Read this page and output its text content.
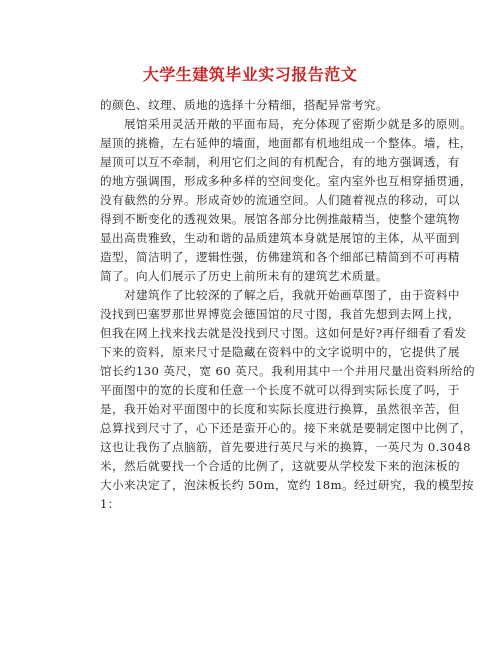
大学生建筑毕业实习报告范文
的颜色、纹理、质地的选择十分精细，搭配异常考究。
　　展馆采用灵活开敞的平面布局，充分体现了密斯少就是多的原则。
屋顶的挑檐，左右延伸的墙面，地面都有机地组成一个整体。墙，柱，
屋顶可以互不牵制，利用它们之间的有机配合，有的地方强调透，有
的地方强调围，形成多种多样的空间变化。室内室外也互相穿插贯通，
没有截然的分界。形成奇妙的流通空间。人们随着视点的移动，可以
得到不断变化的透视效果。展馆各部分比例推敲精当，使整个建筑物
显出高贵雅致，生动和谐的品质建筑本身就是展馆的主体，从平面到
造型，简洁明了，逻辑性强，仿佛建筑和各个细部已精简到不可再精
简了。向人们展示了历史上前所未有的建筑艺术质量。
　　对建筑作了比较深的了解之后，我就开始画草图了，由于资料中
没找到巴塞罗那世界博览会德国馆的尺寸图，我首先想到去网上找，
但我在网上找来找去就是没找到尺寸图。这如何是好?再仔细看了看发
下来的资料，原来尺寸是隐藏在资料中的文字说明中的，它提供了展
馆长约130 英尺，宽 60 英尺。我利用其中一个并用尺量出资料所给的
平面图中的宽的长度和任意一个长度不就可以得到实际长度了吗，于
是，我开始对平面图中的长度和实际长度进行换算，虽然很辛苦，但
总算找到尺寸了，心下还是蛮开心的。接下来就是要制定图中比例了，
这也让我伤了点脑筋，首先要进行英尺与米的换算，一英尺为 0.3048
米，然后就要找一个合适的比例了，这就要从学校发下来的泡沫板的
大小来决定了，泡沫板长约 50m，宽约 18m。经过研究，我的模型按
1：
